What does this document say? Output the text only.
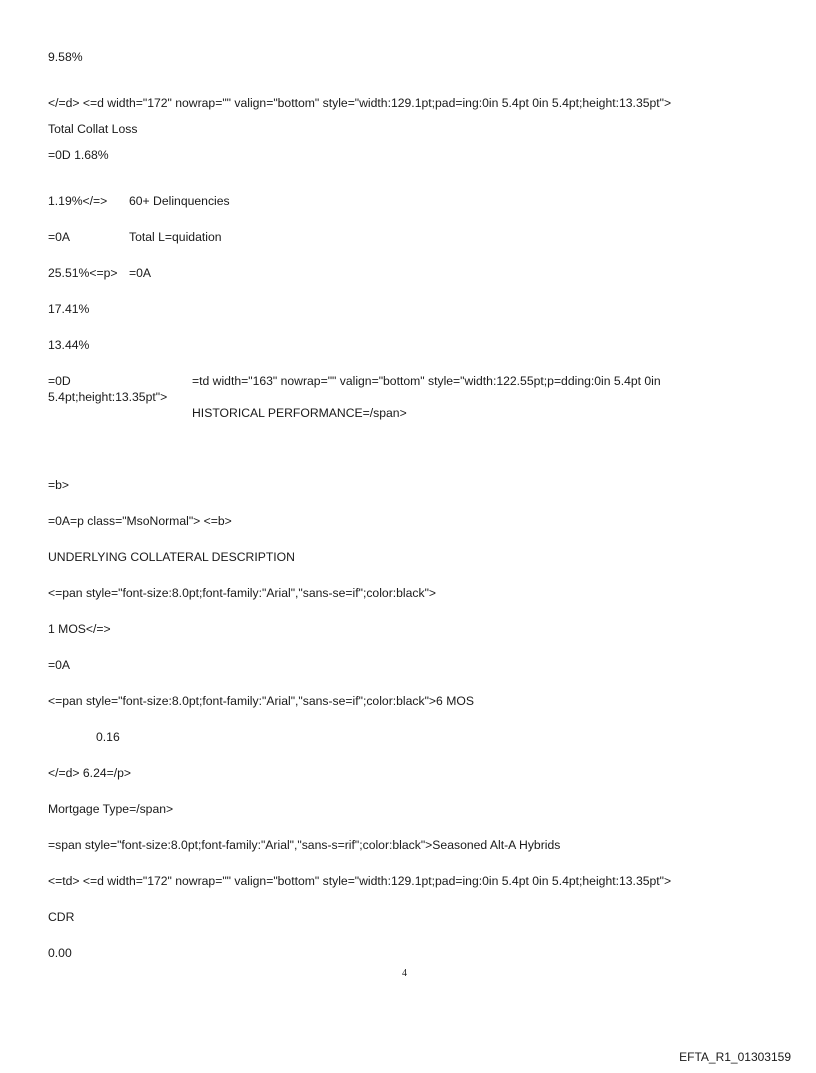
9.58%
</=d> <=d width="172" nowrap="" valign="bottom" style="width:129.1pt;pad=ing:0in 5.4pt 0in 5.4pt;height:13.35pt">
Total Collat Loss
=0D 1.68%
1.19%</=> 60+ Delinquencies
=0A	Total L=quidation
25.51%<=p> =0A
17.41%
13.44%
=0D	=td width="163" nowrap="" valign="bottom" style="width:122.55pt;p=dding:0in 5.4pt 0in
5.4pt;height:13.35pt">
HISTORICAL PERFORMANCE=/span>
=b>
=0A=p class="MsoNormal"> <=b>
UNDERLYING COLLATERAL DESCRIPTION
<=pan style="font-size:8.0pt;font-family:"Arial","sans-se=if";color:black">
1 MOS</=>
=0A
<=pan style="font-size:8.0pt;font-family:"Arial","sans-se=if";color:black">6 MOS
0.16
</=d> 6.24=/p>
Mortgage Type=/span>
=span style="font-size:8.0pt;font-family:"Arial","sans-s=rif";color:black">Seasoned Alt-A Hybrids
<=td> <=d width="172" nowrap="" valign="bottom" style="width:129.1pt;pad=ing:0in 5.4pt 0in 5.4pt;height:13.35pt">
CDR
0.00
4
EFTA_R1_01303159
